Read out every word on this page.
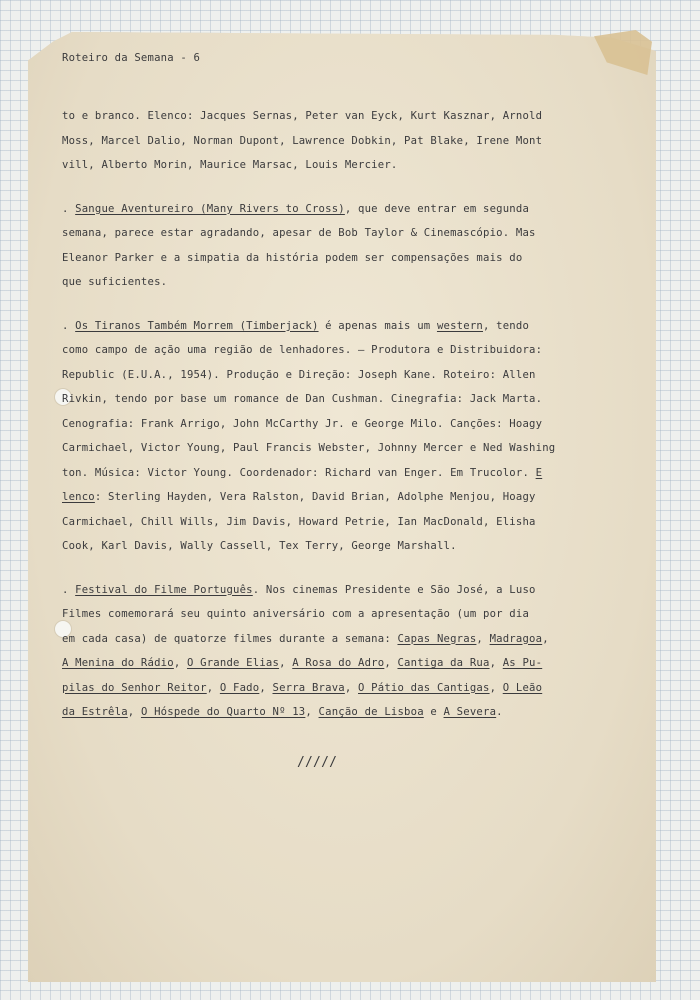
Roteiro da Semana - 6
to e branco. Elenco: Jacques Sernas, Peter van Eyck, Kurt Kasznar, Arnold
Moss, Marcel Dalio, Norman Dupont, Lawrence Dobkin, Pat Blake, Irene Mont
vill, Alberto Morin, Maurice Marsac, Louis Mercier.
. Sangue Aventureiro (Many Rivers to Cross), que deve entrar em segunda
semana, parece estar agradando, apesar de Bob Taylor & Cinemascópio. Mas
Eleanor Parker e a simpatia da história podem ser compensações mais do
que suficientes.
. Os Tiranos Também Morrem (Timberjack) é apenas mais um western, tendo
como campo de ação uma região de lenhadores. — Produtora e Distribuidora:
Republic (E.U.A., 1954). Produção e Direção: Joseph Kane. Roteiro: Allen
Rivkin, tendo por base um romance de Dan Cushman. Cinegrafia: Jack Marta.
Cenografia: Frank Arrigo, John McCarthy Jr. e George Milo. Canções: Hoagy
Carmichael, Victor Young, Paul Francis Webster, Johnny Mercer e Ned Washing
ton. Música: Victor Young. Coordenador: Richard van Enger. Em Trucolor. E
lenco: Sterling Hayden, Vera Ralston, David Brian, Adolphe Menjou, Hoagy
Carmichael, Chill Wills, Jim Davis, Howard Petrie, Ian MacDonald, Elisha
Cook, Karl Davis, Wally Cassell, Tex Terry, George Marshall.
. Festival do Filme Português. Nos cinemas Presidente e São José, a Luso
Filmes comemorará seu quinto aniversário com a apresentação (um por dia
em cada casa) de quatorze filmes durante a semana: Capas Negras, Madragoa,
A Menina do Rádio, O Grande Elias, A Rosa do Adro, Cantiga da Rua, As Pu-
pilas do Senhor Reitor, O Fado, Serra Brava, O Pátio das Cantigas, O Leão
da Estrêla, O Hóspede do Quarto Nº 13, Canção de Lisboa e A Severa.
/////
